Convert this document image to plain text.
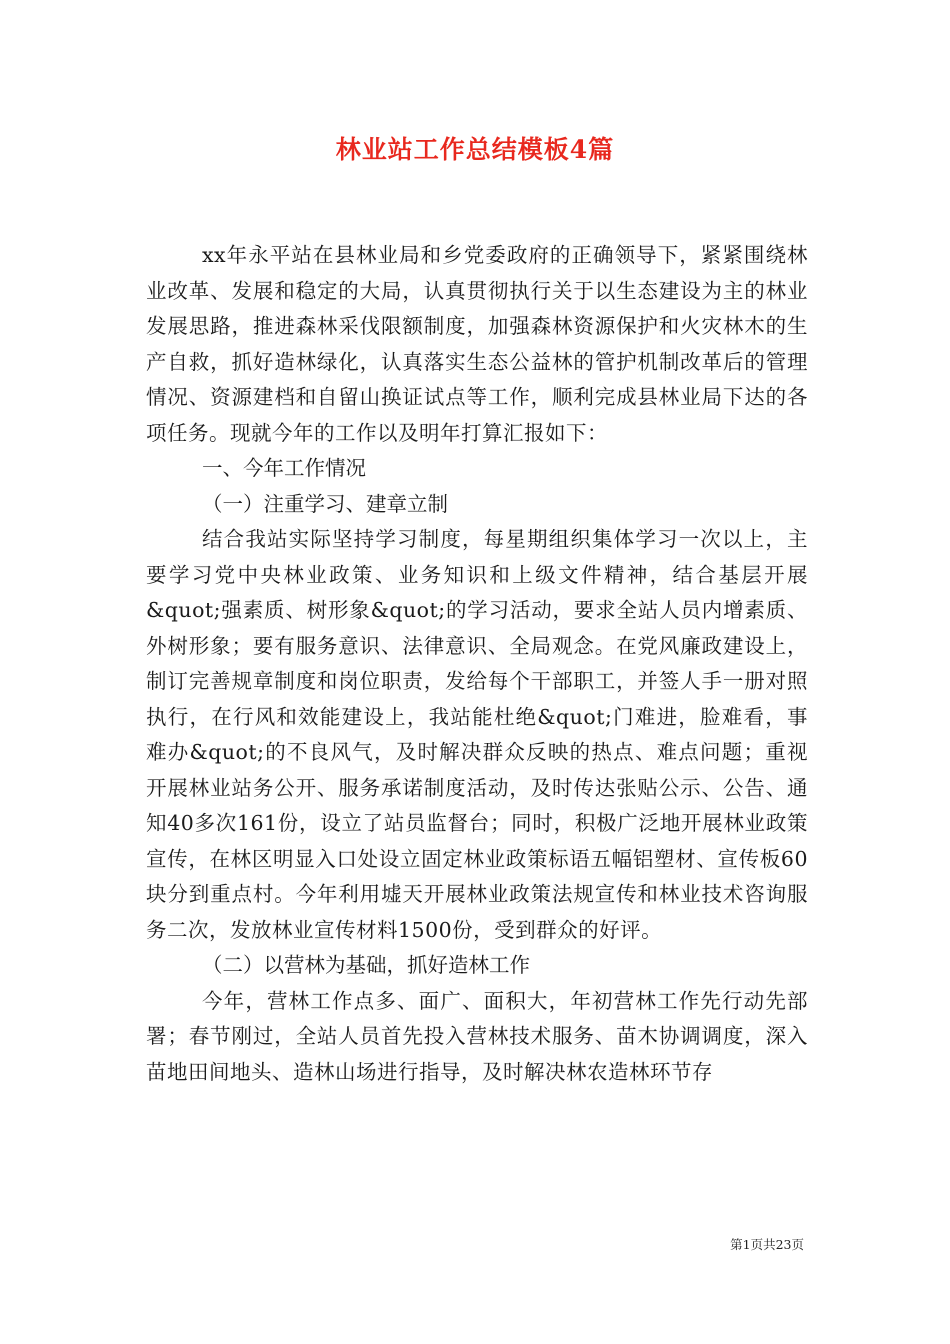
林业站工作总结模板4篇

xx年永平站在县林业局和乡党委政府的正确领导下，紧紧围绕林业改革、发展和稳定的大局，认真贯彻执行关于以生态建设为主的林业发展思路，推进森林采伐限额制度，加强森林资源保护和火灾林木的生产自救，抓好造林绿化，认真落实生态公益林的管护机制改革后的管理情况、资源建档和自留山换证试点等工作，顺利完成县林业局下达的各项任务。现就今年的工作以及明年打算汇报如下：

一、今年工作情况

（一）注重学习、建章立制

结合我站实际坚持学习制度，每星期组织集体学习一次以上，主要学习党中央林业政策、业务知识和上级文件精神，结合基层开展&quot;强素质、树形象&quot;的学习活动，要求全站人员内增素质、外树形象；要有服务意识、法律意识、全局观念。在党风廉政建设上，制订完善规章制度和岗位职责，发给每个干部职工，并签人手一册对照执行，在行风和效能建设上，我站能杜绝&quot;门难进，脸难看，事难办&quot;的不良风气，及时解决群众反映的热点、难点问题；重视开展林业站务公开、服务承诺制度活动，及时传达张贴公示、公告、通知40多次161份，设立了站员监督台；同时，积极广泛地开展林业政策宣传，在林区明显入口处设立固定林业政策标语五幅铝塑材、宣传板60块分到重点村。今年利用墟天开展林业政策法规宣传和林业技术咨询服务二次，发放林业宣传材料1500份，受到群众的好评。

（二）以营林为基础，抓好造林工作

今年，营林工作点多、面广、面积大，年初营林工作先行动先部署；春节刚过，全站人员首先投入营林技术服务、苗木协调调度，深入苗地田间地头、造林山场进行指导，及时解决林农造林环节存

第1页共23页
